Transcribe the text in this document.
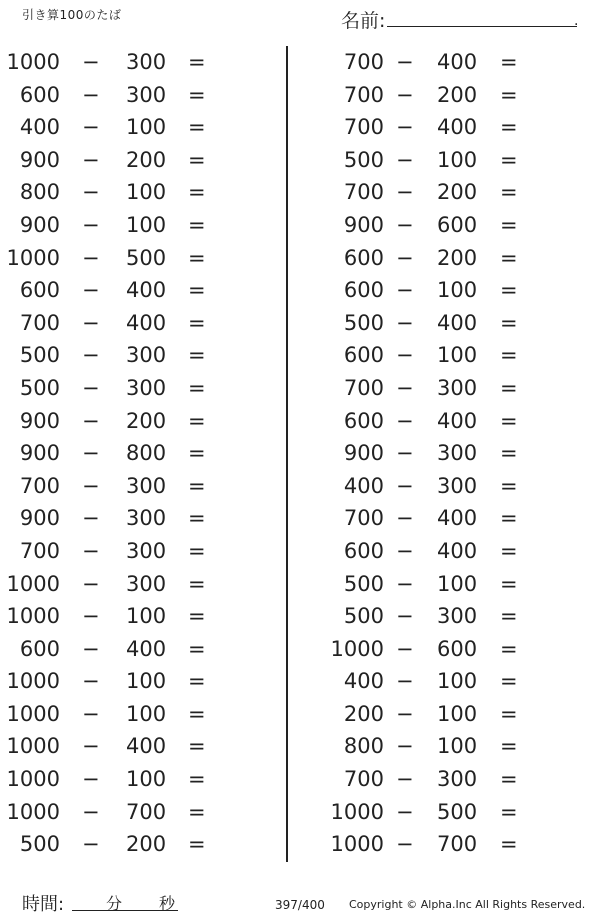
引き算100のたば	名前:	.
1000 − 300 =
600 − 300 =
400 − 100 =
900 − 200 =
800 − 100 =
900 − 100 =
1000 − 500 =
600 − 400 =
700 − 400 =
500 − 300 =
500 − 300 =
900 − 200 =
900 − 800 =
700 − 300 =
900 − 300 =
700 − 300 =
1000 − 300 =
1000 − 100 =
600 − 400 =
1000 − 100 =
1000 − 100 =
1000 − 400 =
1000 − 100 =
1000 − 700 =
500 − 200 =
700 − 400 =
700 − 200 =
700 − 400 =
500 − 100 =
700 − 200 =
900 − 600 =
600 − 200 =
600 − 100 =
500 − 400 =
600 − 100 =
700 − 300 =
600 − 400 =
900 − 300 =
400 − 300 =
700 − 400 =
600 − 400 =
500 − 100 =
500 − 300 =
1000 − 600 =
400 − 100 =
200 − 100 =
800 − 100 =
700 − 300 =
1000 − 500 =
1000 − 700 =
時間:	分 秒	397/400 Copyright © Alpha.Inc All Rights Reserved.
